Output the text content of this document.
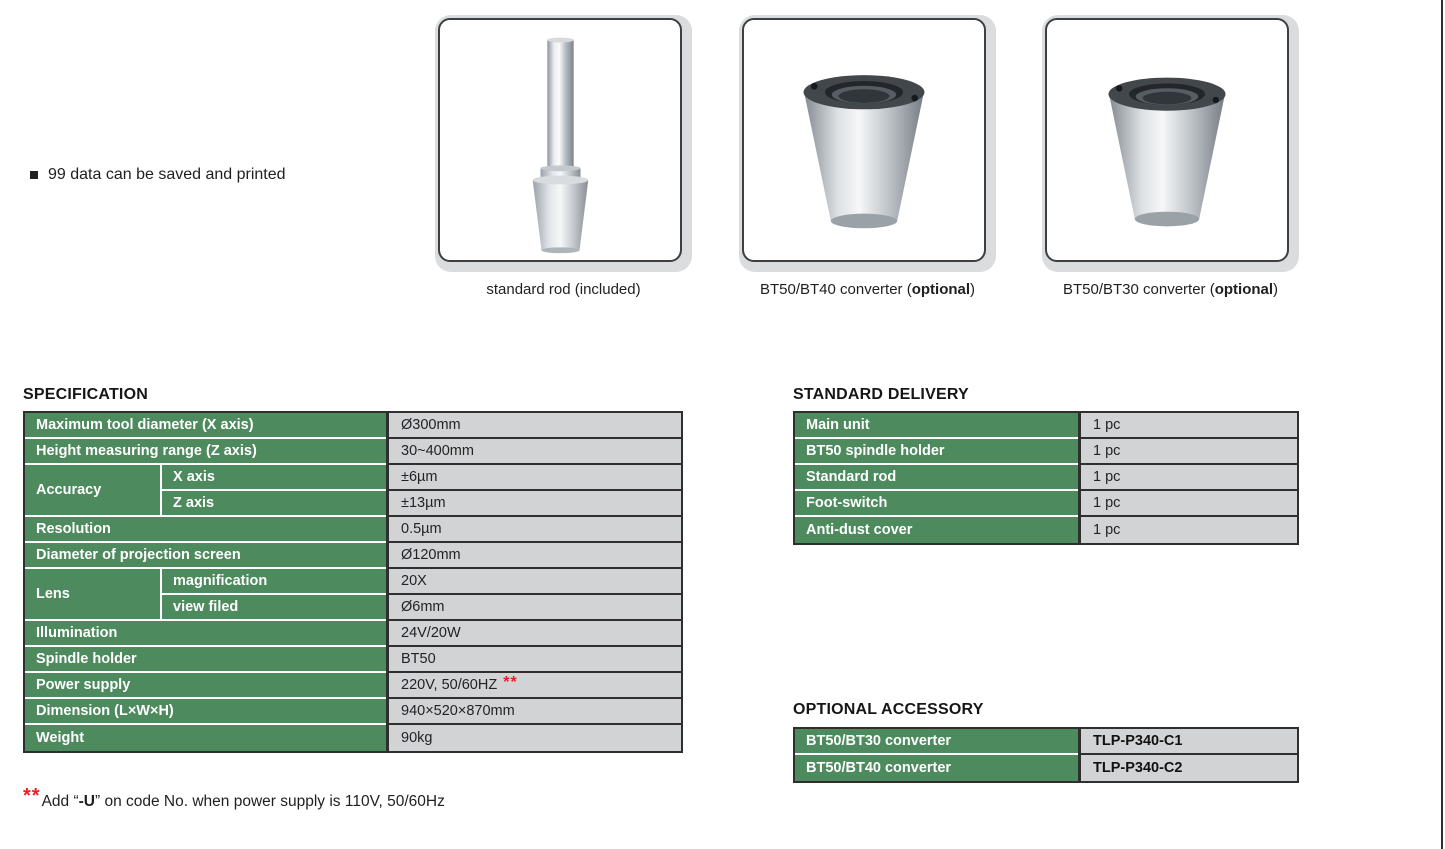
99 data can be saved and printed
standard rod (included)	BT50/BT40 converter (optional)	BT50/BT30 converter (optional)
SPECIFICATION
Maximum tool diameter (X axis)		Ø300mm
Height measuring range (Z axis)		30~400mm
Accuracy	X axis	±6µm
	Z axis	±13µm
Resolution		0.5µm
Diameter of projection screen		Ø120mm
Lens	magnification	20X
	view filed	Ø6mm
Illumination		24V/20W
Spindle holder		BT50
Power supply		220V, 50/60HZ **
Dimension (L×W×H)		940×520×870mm
Weight		90kg
STANDARD DELIVERY
Main unit	1 pc
BT50 spindle holder	1 pc
Standard rod	1 pc
Foot-switch	1 pc
Anti-dust cover	1 pc
OPTIONAL ACCESSORY
BT50/BT30 converter	TLP-P340-C1
BT50/BT40 converter	TLP-P340-C2
**Add “-U” on code No. when power supply is 110V, 50/60Hz
